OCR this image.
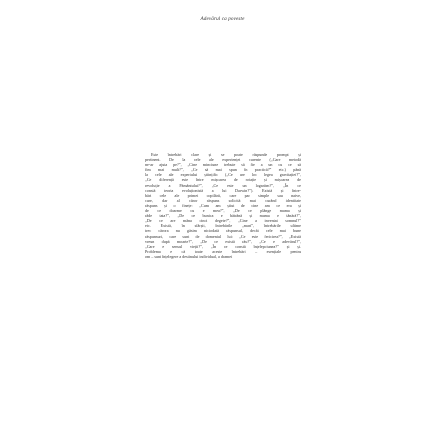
Adevărul ca poveste
Este întrebări clare și se poate răspunde prompt și
pertinent. De la cele ale experienței curente („Care metodă
ne-ar ajuta pe?”, „Cine minciune trebuie să fie a un cu ce să
fim mai mult?”, „Ce să mai spun în practică?” etc.) până
la cele ale expertului științific („Ce are loc legea gravitației?”,
„Ce diferență este între mișcarea de rotație și mișcarea de
revoluție a Pământului?”, „Ce este un logaritm?”, „În ce
constă teoria evoluționistă a lui Darwin?”). Există și între-
bări cele ale primei copilării, care par simple sau naive,
care, dar al căror răspuns solicită mai curând identitate
răspuns și o finețe: „Cum am știut de cine am ce era și
de ce doarme cu e mea?”, „De ce plânge mama și
râde tata?”, „De ce bunica e bătrână și mama e tânără?”,
„De ce are mâna cinci degete?”, „Cine a inventat somnul?”
etc. Există, în sfârșit, întrebările „mari”, întrebările ultime
trec cărora nu găsim niciodată răspunsul, decât cele mai bune
răspunsuri, care sunt de domeniul lui: „Ce este fericirea?”, „Există
vreun după moarte?”, „De ce există rău?”, „Ce e adevărul?”,
„Care e sensul vieții?”, „În ce constă înțelepciunea?” și și.
Problema e că toate aceste întrebări – esențiale pentru
om – sunt înțelegere a destinului individual, a dramei
